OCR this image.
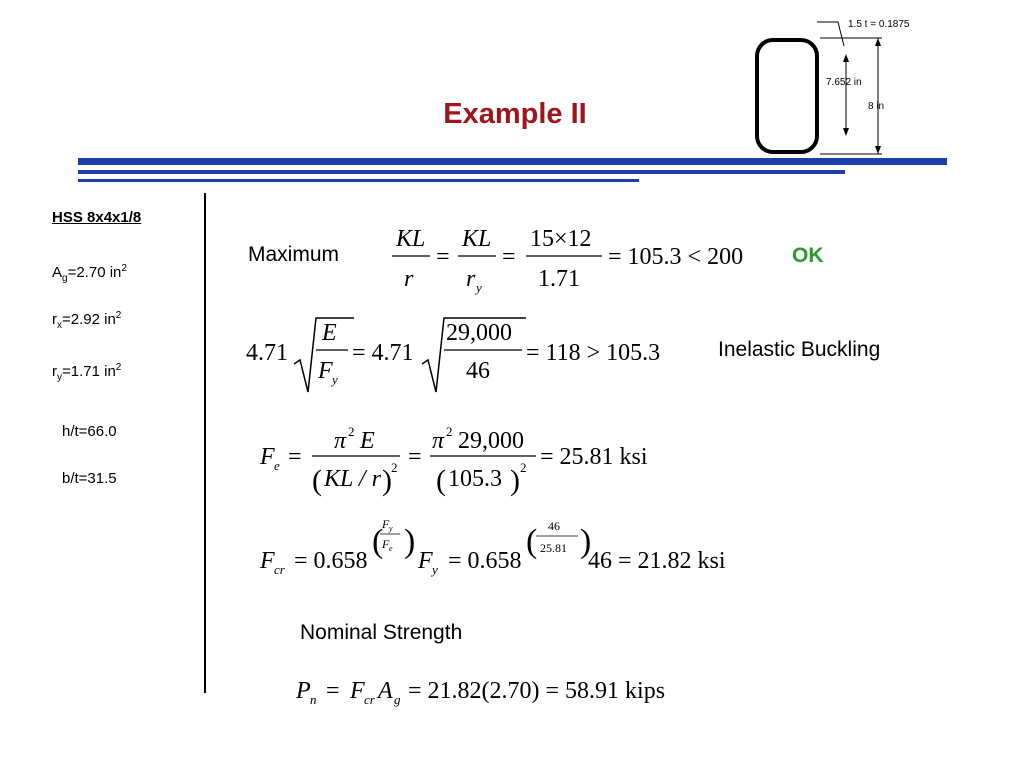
Example II
1.5 t = 0.1875
7.652 in
8 in
HSS 8x4x1/8
$A_g=2.70$ $in^2$
$r_x=2.92$ $in^2$
$r_y=1.71$ $in^2$
h/t=66.0
b/t=31.5
Maximum
KL
r
KL
r y
= =
15×12
1.71
= 105.3 < 200 OK
4.71
E
F y
= 4.71
29,000
46
= 118 > 105.3	Inelastic Buckling
F e =
π 2 E
( KL / r ) 2 =
π 2 29,000
( 105.3 ) 2 = 25.81 ksi
F cr = 0.658
(
F y
F e )
F y = 0.658
( 46
25.81 )
46 = 21.82 ksi
Nominal Strength
P n = F cr A g = 21.82(2.70) = 58.91 kips
